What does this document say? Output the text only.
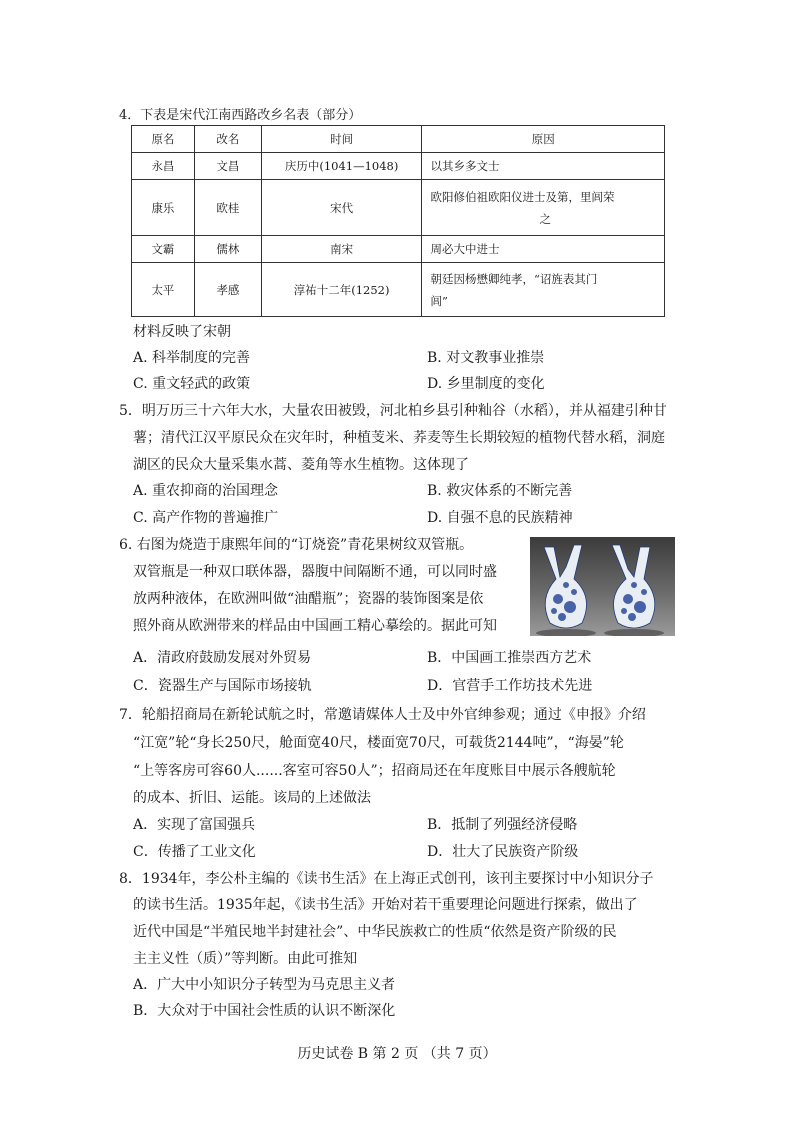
4．下表是宋代江南西路改乡名表（部分）
原名	改名	时间	原因
永昌	文昌	庆历中(1041—1048)	以其乡多文士
康乐	欧桂	宋代	欧阳修伯祖欧阳仪进士及第，里闾荣
之

文霸	儒林	南宋	周必大中进士
太平	孝感	淳祐十二年(1252)	朝廷因杨懋卿纯孝，“诏旌表其门
闾”
材料反映了宋朝
A. 科举制度的完善	B. 对文教事业推崇
C. 重文轻武的政策	D. 乡里制度的变化
5．明万历三十六年大水，大量农田被毁，河北柏乡县引种籼谷（水稻），并从福建引种甘
薯；清代江汉平原民众在灾年时，种植芰米、荞麦等生长期较短的植物代替水稻，洞庭
湖区的民众大量采集水蒿、菱角等水生植物。这体现了
A. 重农抑商的治国理念	B. 救灾体系的不断完善
C. 高产作物的普遍推广	D. 自强不息的民族精神
6. 右图为烧造于康熙年间的“订烧瓷”青花果树纹双管瓶。
双管瓶是一种双口联体器，器腹中间隔断不通，可以同时盛
放两种液体，在欧洲叫做“油醋瓶”；瓷器的装饰图案是依
照外商从欧洲带来的样品由中国画工精心摹绘的。据此可知
A．清政府鼓励发展对外贸易	B．中国画工推崇西方艺术
C．瓷器生产与国际市场接轨	D．官营手工作坊技术先进
7．轮船招商局在新轮试航之时，常邀请媒体人士及中外官绅参观；通过《申报》介绍
“江宽”轮“身长250尺，舱面宽40尺，楼面宽70尺，可载货2144吨”，“海晏”轮
“上等客房可容60人......客室可容50人”；招商局还在年度账目中展示各艘航轮
的成本、折旧、运能。该局的上述做法
A．实现了富国强兵	B．抵制了列强经济侵略
C．传播了工业文化	D．壮大了民族资产阶级
8．1934年，李公朴主编的《读书生活》在上海正式创刊，该刊主要探讨中小知识分子
的读书生活。1935年起，《读书生活》开始对若干重要理论问题进行探索，做出了
近代中国是“半殖民地半封建社会”、中华民族救亡的性质“依然是资产阶级的民
主主义性（质）”等判断。由此可推知
A．广大中小知识分子转型为马克思主义者
B．大众对于中国社会性质的认识不断深化
历史试卷 B 第 2 页 （共 7 页）
